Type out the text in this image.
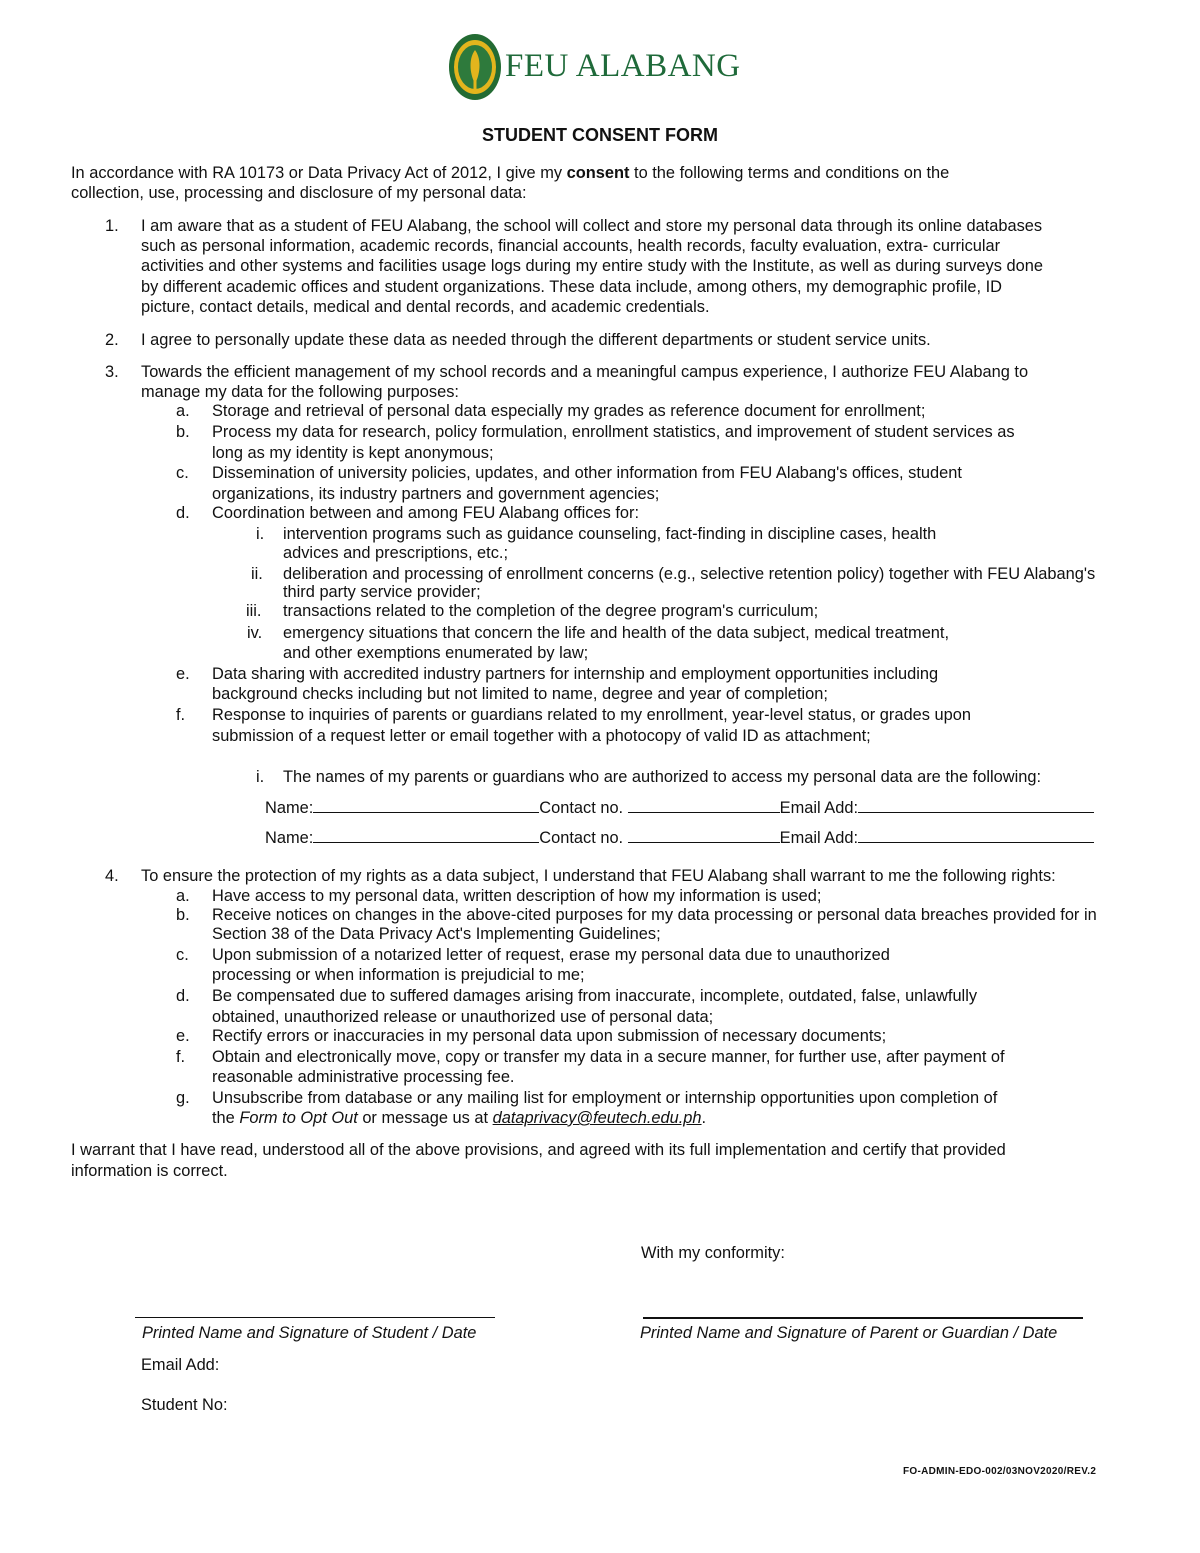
FEU ALABANG
STUDENT CONSENT FORM
In accordance with RA 10173 or Data Privacy Act of 2012, I give my consent to the following terms and conditions on the
collection, use, processing and disclosure of my personal data:
1. I am aware that as a student of FEU Alabang, the school will collect and store my personal data through its online databases
such as personal information, academic records, financial accounts, health records, faculty evaluation, extra- curricular
activities and other systems and facilities usage logs during my entire study with the Institute, as well as during surveys done
by different academic offices and student organizations. These data include, among others, my demographic profile, ID
picture, contact details, medical and dental records, and academic credentials.
2. I agree to personally update these data as needed through the different departments or student service units.
3. Towards the efficient management of my school records and a meaningful campus experience, I authorize FEU Alabang to
manage my data for the following purposes:
a. Storage and retrieval of personal data especially my grades as reference document for enrollment;
b. Process my data for research, policy formulation, enrollment statistics, and improvement of student services as
long as my identity is kept anonymous;
c. Dissemination of university policies, updates, and other information from FEU Alabang's offices, student
organizations, its industry partners and government agencies;
d. Coordination between and among FEU Alabang offices for:
i. intervention programs such as guidance counseling, fact-finding in discipline cases, health
advices and prescriptions, etc.;
ii. deliberation and processing of enrollment concerns (e.g., selective retention policy) together with FEU Alabang's
third party service provider;
iii. transactions related to the completion of the degree program's curriculum;
iv. emergency situations that concern the life and health of the data subject, medical treatment,
and other exemptions enumerated by law;
e. Data sharing with accredited industry partners for internship and employment opportunities including
background checks including but not limited to name, degree and year of completion;
f. Response to inquiries of parents or guardians related to my enrollment, year-level status, or grades upon
submission of a request letter or email together with a photocopy of valid ID as attachment;
i. The names of my parents or guardians who are authorized to access my personal data are the following:
Name:	Contact no.	Email Add:
Name:	Contact no.	Email Add:
4. To ensure the protection of my rights as a data subject, I understand that FEU Alabang shall warrant to me the following rights:
a. Have access to my personal data, written description of how my information is used;
b. Receive notices on changes in the above-cited purposes for my data processing or personal data breaches provided for in
Section 38 of the Data Privacy Act's Implementing Guidelines;
c. Upon submission of a notarized letter of request, erase my personal data due to unauthorized
processing or when information is prejudicial to me;
d. Be compensated due to suffered damages arising from inaccurate, incomplete, outdated, false, unlawfully
obtained, unauthorized release or unauthorized use of personal data;
e. Rectify errors or inaccuracies in my personal data upon submission of necessary documents;
f. Obtain and electronically move, copy or transfer my data in a secure manner, for further use, after payment of
reasonable administrative processing fee.
g. Unsubscribe from database or any mailing list for employment or internship opportunities upon completion of
the Form to Opt Out or message us at dataprivacy@feutech.edu.ph.
I warrant that I have read, understood all of the above provisions, and agreed with its full implementation and certify that provided
information is correct.
With my conformity:
Printed Name and Signature of Student / Date	Printed Name and Signature of Parent or Guardian / Date
Email Add:
Student No:
FO-ADMIN-EDO-002/03NOV2020/REV.2
